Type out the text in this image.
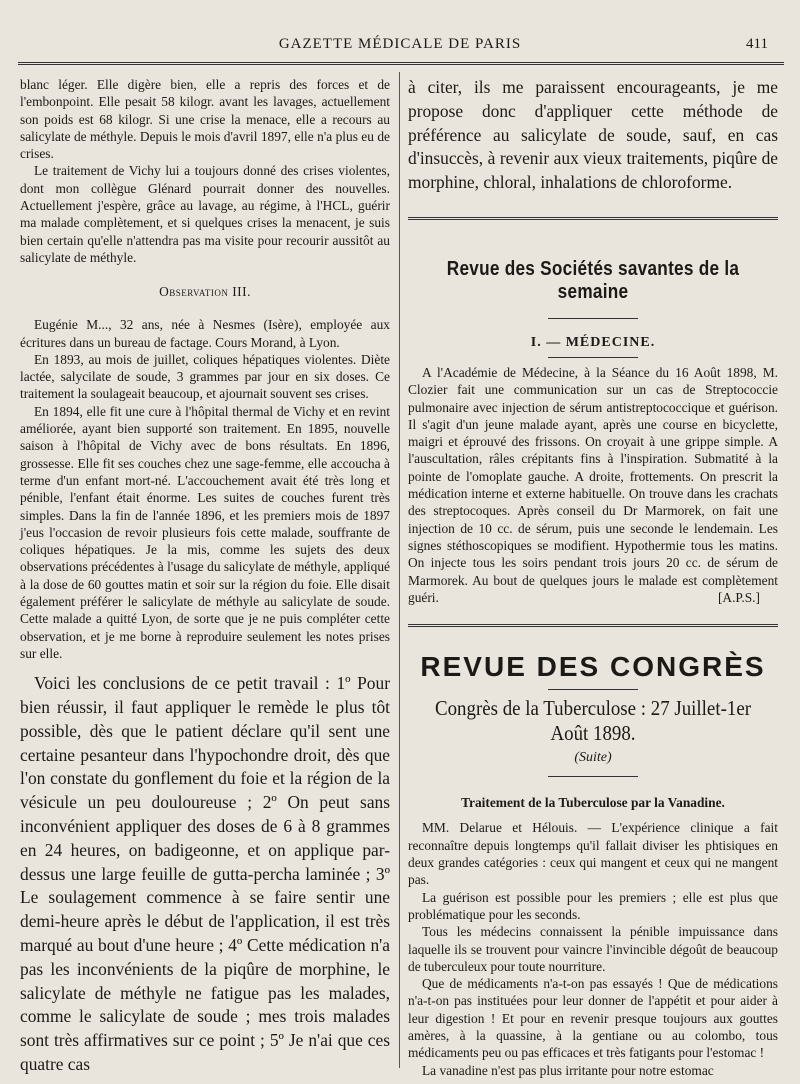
GAZETTE MÉDICALE DE PARIS	411

blanc léger. Elle digère bien, elle a repris des forces et de l'embonpoint. Elle pesait 58 kilogr. avant les lavages, actuellement son poids est 68 kilogr. Si une crise la menace, elle a recours au salicylate de méthyle. Depuis le mois d'avril 1897, elle n'a plus eu de crises.

Le traitement de Vichy lui a toujours donné des crises violentes, dont mon collègue Glénard pourrait donner des nouvelles. Actuellement j'espère, grâce au lavage, au régime, à l'HCL, guérir ma malade complètement, et si quelques crises la menacent, je suis bien certain qu'elle n'attendra pas ma visite pour recourir aussitôt au salicylate de méthyle.

Observation III.

Eugénie M..., 32 ans, née à Nesmes (Isère), employée aux écritures dans un bureau de factage. Cours Morand, à Lyon.

En 1893, au mois de juillet, coliques hépatiques violentes. Diète lactée, salycilate de soude, 3 grammes par jour en six doses. Ce traitement la soulageait beaucoup, et ajournait souvent ses crises.

En 1894, elle fit une cure à l'hôpital thermal de Vichy et en revint améliorée, ayant bien supporté son traitement. En 1895, nouvelle saison à l'hôpital de Vichy avec de bons résultats. En 1896, grossesse. Elle fit ses couches chez une sage-femme, elle accoucha à terme d'un enfant mort-né. L'accouchement avait été très long et pénible, l'enfant était énorme. Les suites de couches furent très simples. Dans la fin de l'année 1896, et les premiers mois de 1897 j'eus l'occasion de revoir plusieurs fois cette malade, souffrante de coliques hépatiques. Je la mis, comme les sujets des deux observations précédentes à l'usage du salicylate de méthyle, appliqué à la dose de 60 gouttes matin et soir sur la région du foie. Elle disait également préférer le salicylate de méthyle au salicylate de soude. Cette malade a quitté Lyon, de sorte que je ne puis compléter cette observation, et je me borne à reproduire seulement les notes prises sur elle.

Voici les conclusions de ce petit travail : 1º Pour bien réussir, il faut appliquer le remède le plus tôt possible, dès que le patient déclare qu'il sent une certaine pesanteur dans l'hypochondre droit, dès que l'on constate du gonflement du foie et la région de la vésicule un peu douloureuse ; 2º On peut sans inconvénient appliquer des doses de 6 à 8 grammes en 24 heures, on badigeonne, et on applique par-dessus une large feuille de gutta-percha laminée ; 3º Le soulagement commence à se faire sentir une demi-heure après le début de l'application, il est très marqué au bout d'une heure ; 4º Cette médication n'a pas les inconvénients de la piqûre de morphine, le salicylate de méthyle ne fatigue pas les malades, comme le salicylate de soude ; mes trois malades sont très affirmatives sur ce point ; 5º Je n'ai que ces quatre cas

à citer, ils me paraissent encourageants, je me propose donc d'appliquer cette méthode de préférence au salicylate de soude, sauf, en cas d'insuccès, à revenir aux vieux traitements, piqûre de morphine, chloral, inhalations de chloroforme.

Revue des Sociétés savantes de la semaine
I. — MÉDECINE.

A l'Académie de Médecine, à la Séance du 16 Août 1898, M. Clozier fait une communication sur un cas de Streptococcie pulmonaire avec injection de sérum antistreptococcique et guérison. Il s'agit d'un jeune malade ayant, après une course en bicyclette, maigri et éprouvé des frissons. On croyait à une grippe simple. A l'auscultation, râles crépitants fins à l'inspiration. Submatité à la pointe de l'omoplate gauche. A droite, frottements. On prescrit la médication interne et externe habituelle. On trouve dans les crachats des streptocoques. Après conseil du Dr Marmorek, on fait une injection de 10 cc. de sérum, puis une seconde le lendemain. Les signes stéthoscopiques se modifient. Hypothermie tous les matins. On injecte tous les soirs pendant trois jours 20 cc. de sérum de Marmorek. Au bout de quelques jours le malade est complètement guéri.	[A.P.S.]
REVUE DES CONGRÈS
Congrès de la Tuberculose : 27 Juillet-1er Août 1898.
(Suite)
Traitement de la Tuberculose par la Vanadine.

MM. Delarue et Hélouis. — L'expérience clinique a fait reconnaître depuis longtemps qu'il fallait diviser les phtisiques en deux grandes catégories : ceux qui mangent et ceux qui ne mangent pas.

La guérison est possible pour les premiers ; elle est plus que problématique pour les seconds.

Tous les médecins connaissent la pénible impuissance dans laquelle ils se trouvent pour vaincre l'invincible dégoût de beaucoup de tuberculeux pour toute nourriture.

Que de médicaments n'a-t-on pas essayés ! Que de médications n'a-t-on pas instituées pour leur donner de l'appétit et pour aider à leur digestion ! Et pour en revenir presque toujours aux gouttes amères, à la quassine, à la gentiane ou au colombo, tous médicaments peu ou pas efficaces et très fatigants pour l'estomac !

La vanadine n'est pas plus irritante pour notre estomac
